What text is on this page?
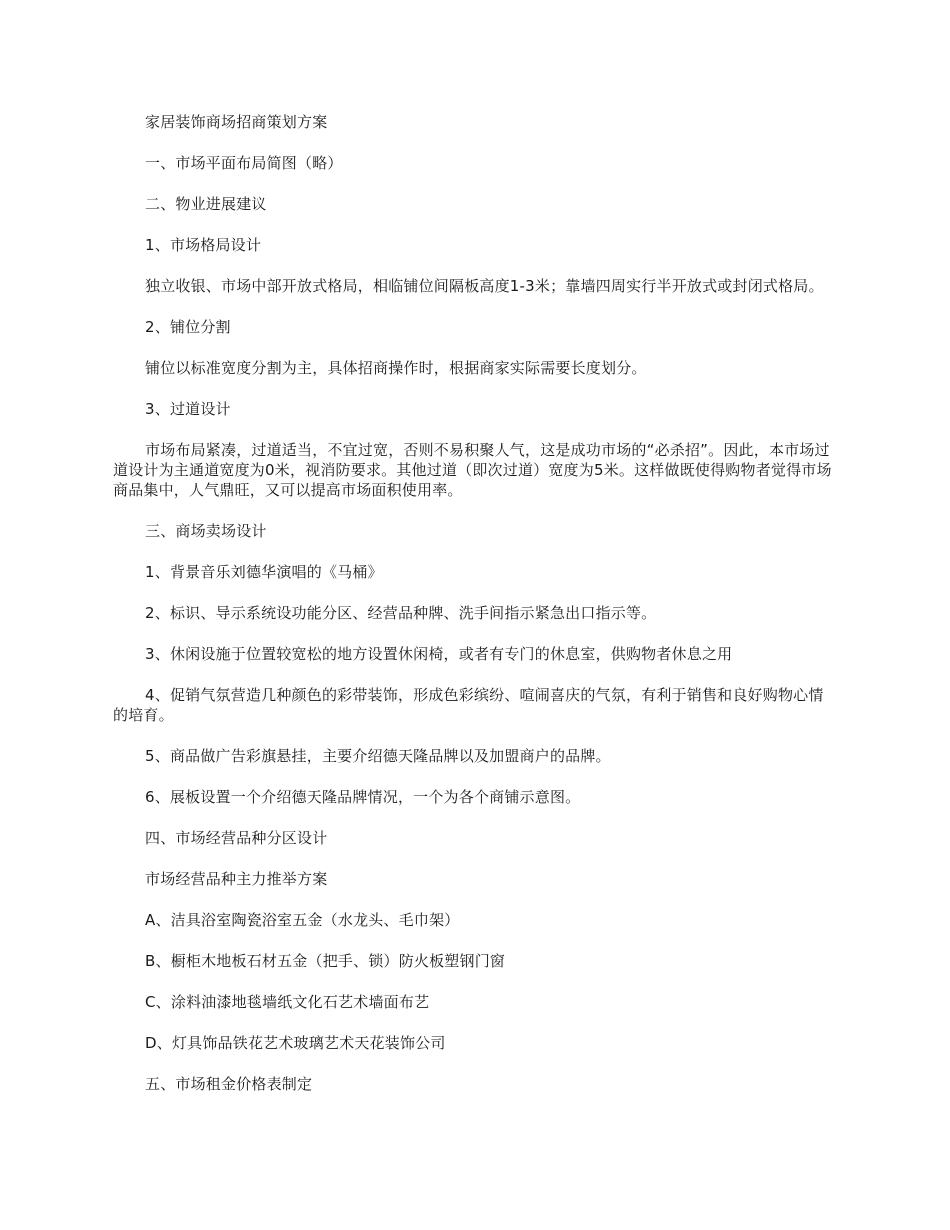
家居装饰商场招商策划方案

一、市场平面布局简图（略）

二、物业进展建议

1、市场格局设计

独立收银、市场中部开放式格局，相临铺位间隔板高度1-3米；靠墙四周实行半开放式或封闭式格局。

2、铺位分割

铺位以标准宽度分割为主，具体招商操作时，根据商家实际需要长度划分。

3、过道设计

市场布局紧凑，过道适当，不宜过宽，否则不易积聚人气，这是成功市场的“必杀招”。因此，本市场过道设计为主通道宽度为0米，视消防要求。其他过道（即次过道）宽度为5米。这样做既使得购物者觉得市场商品集中，人气鼎旺，又可以提高市场面积使用率。

三、商场卖场设计

1、背景音乐刘德华演唱的《马桶》

2、标识、导示系统设功能分区、经营品种牌、洗手间指示紧急出口指示等。

3、休闲设施于位置较宽松的地方设置休闲椅，或者有专门的休息室，供购物者休息之用

4、促销气氛营造几种颜色的彩带装饰，形成色彩缤纷、喧闹喜庆的气氛，有利于销售和良好购物心情的培育。

5、商品做广告彩旗悬挂，主要介绍德天隆品牌以及加盟商户的品牌。

6、展板设置一个介绍德天隆品牌情况，一个为各个商铺示意图。

四、市场经营品种分区设计

市场经营品种主力推举方案

A、洁具浴室陶瓷浴室五金（水龙头、毛巾架）

B、橱柜木地板石材五金（把手、锁）防火板塑钢门窗

C、涂料油漆地毯墙纸文化石艺术墙面布艺

D、灯具饰品铁花艺术玻璃艺术天花装饰公司

五、市场租金价格表制定
